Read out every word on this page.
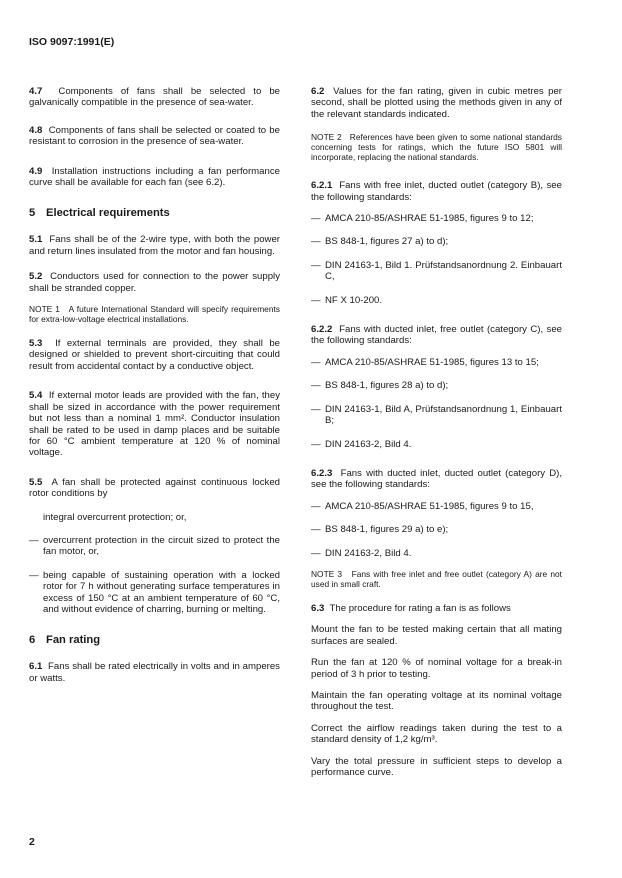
ISO 9097:1991(E)

4.7 Components of fans shall be selected to be galvanically compatible in the presence of sea-water.

4.8 Components of fans shall be selected or coated to be resistant to corrosion in the presence of sea-water.

4.9 Installation instructions including a fan performance curve shall be available for each fan (see 6.2).

5 Electrical requirements

5.1 Fans shall be of the 2-wire type, with both the power and return lines insulated from the motor and fan housing.

5.2 Conductors used for connection to the power supply shall be stranded copper.

NOTE 1 A future International Standard will specify requirements for extra-low-voltage electrical installations.

5.3 If external terminals are provided, they shall be designed or shielded to prevent short-circuiting that could result from accidental contact by a conductive object.

5.4 If external motor leads are provided with the fan, they shall be sized in accordance with the power requirement but not less than a nominal 1 mm². Conductor insulation shall be rated to be used in damp places and be suitable for 60 °C ambient temperature at 120 % of nominal voltage.

5.5 A fan shall be protected against continuous locked rotor conditions by

integral overcurrent protection; or,

— overcurrent protection in the circuit sized to protect the fan motor, or,
— being capable of sustaining operation with a locked rotor for 7 h without generating surface temperatures in excess of 150 °C at an ambient temperature of 60 °C, and without evidence of charring, burning or melting.
6 Fan rating

6.1 Fans shall be rated electrically in volts and in amperes or watts.

6.2 Values for the fan rating, given in cubic metres per second, shall be plotted using the methods given in any of the relevant standards indicated.

NOTE 2 References have been given to some national standards concerning tests for ratings, which the future ISO 5801 will incorporate, replacing the national standards.

6.2.1 Fans with free inlet, ducted outlet (category B), see the following standards:

— AMCA 210-85/ASHRAE 51-1985, figures 9 to 12;
— BS 848-1, figures 27 a) to d);
— DIN 24163-1, Bild 1. Prüfstandsanordnung 2. Einbauart C,
— NF X 10-200.

6.2.2 Fans with ducted inlet, free outlet (category C), see the following standards:

— AMCA 210-85/ASHRAE 51-1985, figures 13 to 15;
— BS 848-1, figures 28 a) to d);
— DIN 24163-1, Bild A, Prüfstandsanordnung 1, Einbauart B;
— DIN 24163-2, Bild 4.

6.2.3 Fans with ducted inlet, ducted outlet (category D), see the following standards:

— AMCA 210-85/ASHRAE 51-1985, figures 9 to 15,
— BS 848-1, figures 29 a) to e);
— DIN 24163-2, Bild 4.

NOTE 3 Fans with free inlet and free outlet (category A) are not used in small craft.

6.3 The procedure for rating a fan is as follows

Mount the fan to be tested making certain that all mating surfaces are sealed.

Run the fan at 120 % of nominal voltage for a break-in period of 3 h prior to testing.

Maintain the fan operating voltage at its nominal voltage throughout the test.

Correct the airflow readings taken during the test to a standard density of 1,2 kg/m³.

Vary the total pressure in sufficient steps to develop a performance curve.

2
